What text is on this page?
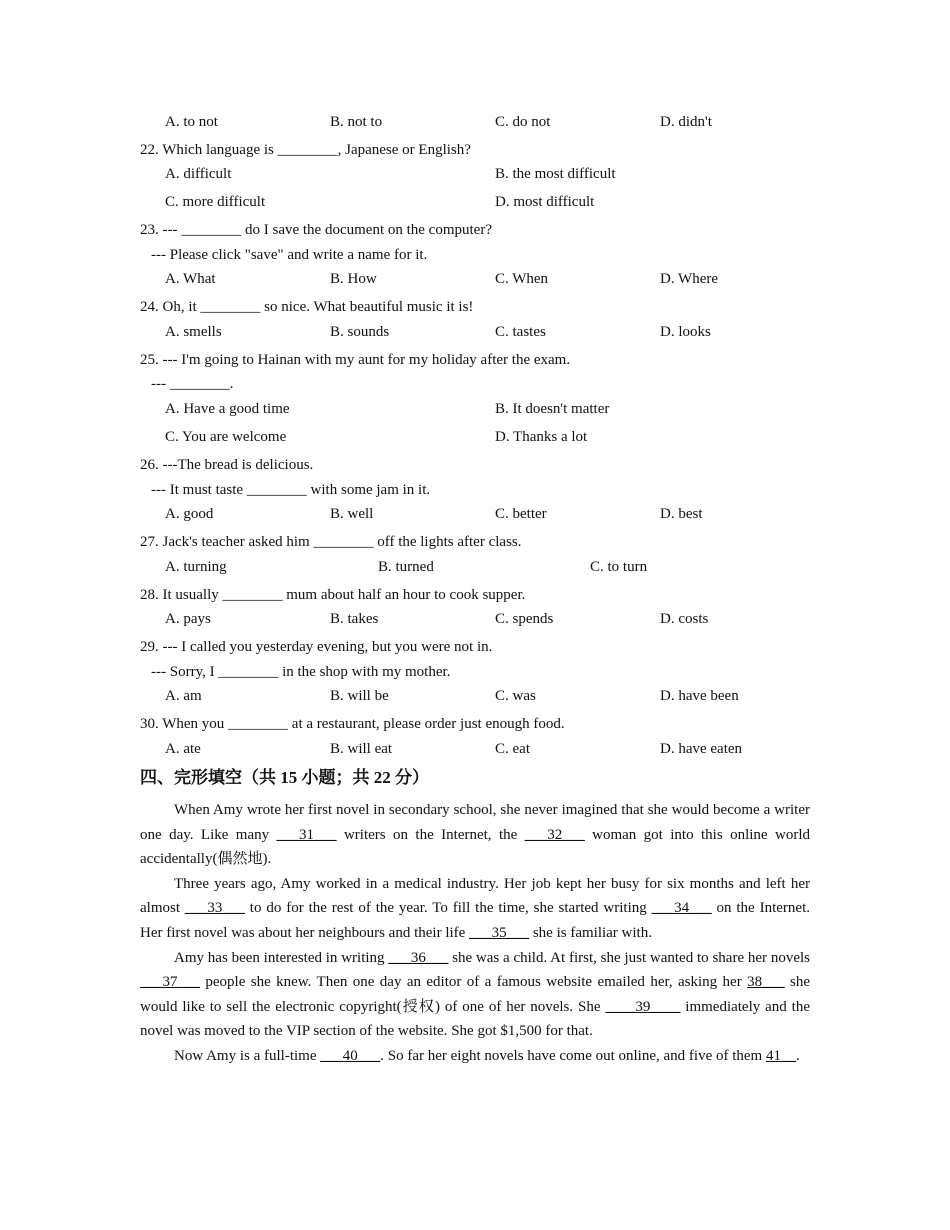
A. to not	B. not to	C. do not	D. didn't
22. Which language is ________, Japanese or English?
A. difficult	B. the most difficult
C. more difficult	D. most difficult
23. --- ________ do I save the document on the computer?
--- Please click "save" and write a name for it.
A. What	B. How	C. When	D. Where
24. Oh, it ________ so nice. What beautiful music it is!
A. smells	B. sounds	C. tastes	D. looks
25. --- I'm going to Hainan with my aunt for my holiday after the exam.
--- ________.
A. Have a good time	B. It doesn't matter
C. You are welcome	D. Thanks a lot
26. ---The bread is delicious.
--- It must taste ________ with some jam in it.
A. good	B. well	C. better	D. best
27. Jack's teacher asked him ________ off the lights after class.
A. turning	B. turned	C. to turn
28. It usually ________ mum about half an hour to cook supper.
A. pays	B. takes	C. spends	D. costs
29. --- I called you yesterday evening, but you were not in.
--- Sorry, I ________ in the shop with my mother.
A. am	B. will be	C. was	D. have been
30. When you ________ at a restaurant, please order just enough food.
A. ate	B. will eat	C. eat	D. have eaten
四、完形填空（共 15 小题；共 22 分）

When Amy wrote her first novel in secondary school, she never imagined that she would become a writer one day. Like many ___31___ writers on the Internet, the ___32___ woman got into this online world accidentally(偶然地).

Three years ago, Amy worked in a medical industry. Her job kept her busy for six months and left her almost ___33___ to do for the rest of the year. To fill the time, she started writing ___34___ on the Internet. Her first novel was about her neighbours and their life ___35___ she is familiar with.

Amy has been interested in writing ___36___ she was a child. At first, she just wanted to share her novels ___37___ people she knew. Then one day an editor of a famous website emailed her, asking her 38___ she would like to sell the electronic copyright(授权) of one of her novels. She ____39____ immediately and the novel was moved to the VIP section of the website. She got $1,500 for that.

Now Amy is a full-time ___40___. So far her eight novels have come out online, and five of them 41__.
